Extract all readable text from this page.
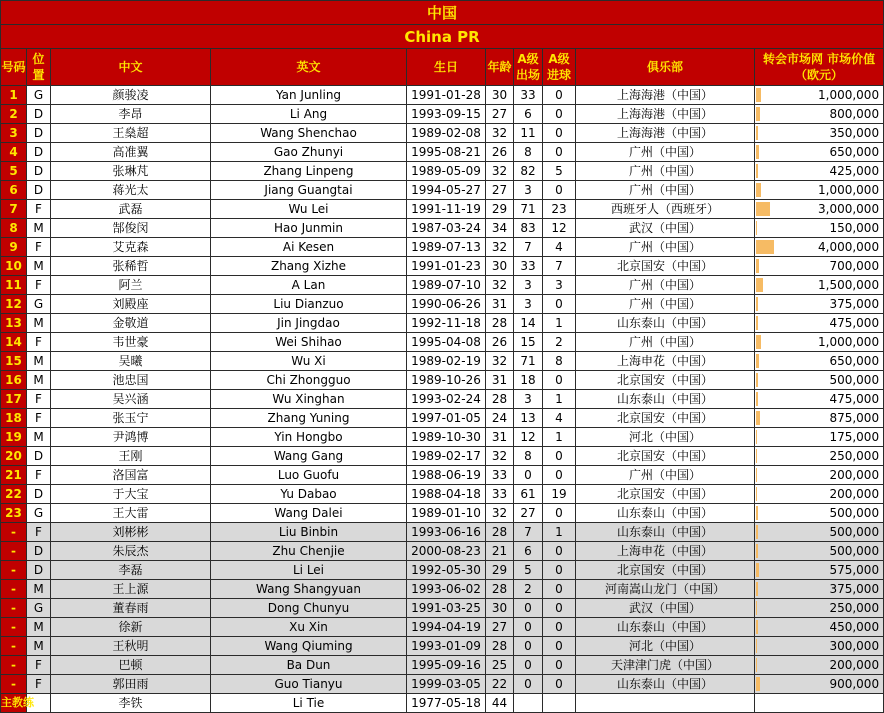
中国									
China PR									
号码	位置	中文	英文	生日	年龄	A级出场	A级进球	俱乐部	转会市场网 市场价值（欧元）
1	G	颜骏凌	Yan Junling	1991-01-28	30	33	0	上海海港（中国）	1,000,000
2	D	李昂	Li Ang	1993-09-15	27	6	0	上海海港（中国）	800,000
3	D	王燊超	Wang Shenchao	1989-02-08	32	11	0	上海海港（中国）	350,000
4	D	高准翼	Gao Zhunyi	1995-08-21	26	8	0	广州（中国）	650,000
5	D	张琳芃	Zhang Linpeng	1989-05-09	32	82	5	广州（中国）	425,000
6	D	蒋光太	Jiang Guangtai	1994-05-27	27	3	0	广州（中国）	1,000,000
7	F	武磊	Wu Lei	1991-11-19	29	71	23	西班牙人（西班牙）	3,000,000
8	M	郜俊闵	Hao Junmin	1987-03-24	34	83	12	武汉（中国）	150,000
9	F	艾克森	Ai Kesen	1989-07-13	32	7	4	广州（中国）	4,000,000
10	M	张稀哲	Zhang Xizhe	1991-01-23	30	33	7	北京国安（中国）	700,000
11	F	阿兰	A Lan	1989-07-10	32	3	3	广州（中国）	1,500,000
12	G	刘殿座	Liu Dianzuo	1990-06-26	31	3	0	广州（中国）	375,000
13	M	金敬道	Jin Jingdao	1992-11-18	28	14	1	山东泰山（中国）	475,000
14	F	韦世豪	Wei Shihao	1995-04-08	26	15	2	广州（中国）	1,000,000
15	M	吴曦	Wu Xi	1989-02-19	32	71	8	上海申花（中国）	650,000
16	M	池忠国	Chi Zhongguo	1989-10-26	31	18	0	北京国安（中国）	500,000
17	F	吴兴涵	Wu Xinghan	1993-02-24	28	3	1	山东泰山（中国）	475,000
18	F	张玉宁	Zhang Yuning	1997-01-05	24	13	4	北京国安（中国）	875,000
19	M	尹鸿博	Yin Hongbo	1989-10-30	31	12	1	河北（中国）	175,000
20	D	王刚	Wang Gang	1989-02-17	32	8	0	北京国安（中国）	250,000
21	F	洛国富	Luo Guofu	1988-06-19	33	0	0	广州（中国）	200,000
22	D	于大宝	Yu Dabao	1988-04-18	33	61	19	北京国安（中国）	200,000
23	G	王大雷	Wang Dalei	1989-01-10	32	27	0	山东泰山（中国）	500,000
-	F	刘彬彬	Liu Binbin	1993-06-16	28	7	1	山东泰山（中国）	500,000
-	D	朱辰杰	Zhu Chenjie	2000-08-23	21	6	0	上海申花（中国）	500,000
-	D	李磊	Li Lei	1992-05-30	29	5	0	北京国安（中国）	575,000
-	M	王上源	Wang Shangyuan	1993-06-02	28	2	0	河南嵩山龙门（中国）	375,000
-	G	董春雨	Dong Chunyu	1991-03-25	30	0	0	武汉（中国）	250,000
-	M	徐新	Xu Xin	1994-04-19	27	0	0	山东泰山（中国）	450,000
-	M	王秋明	Wang Qiuming	1993-01-09	28	0	0	河北（中国）	300,000
-	F	巴顿	Ba Dun	1995-09-16	25	0	0	天津津门虎（中国）	200,000
-	F	郭田雨	Guo Tianyu	1999-03-05	22	0	0	山东泰山（中国）	900,000
主教练		李铁	Li Tie	1977-05-18	44				
